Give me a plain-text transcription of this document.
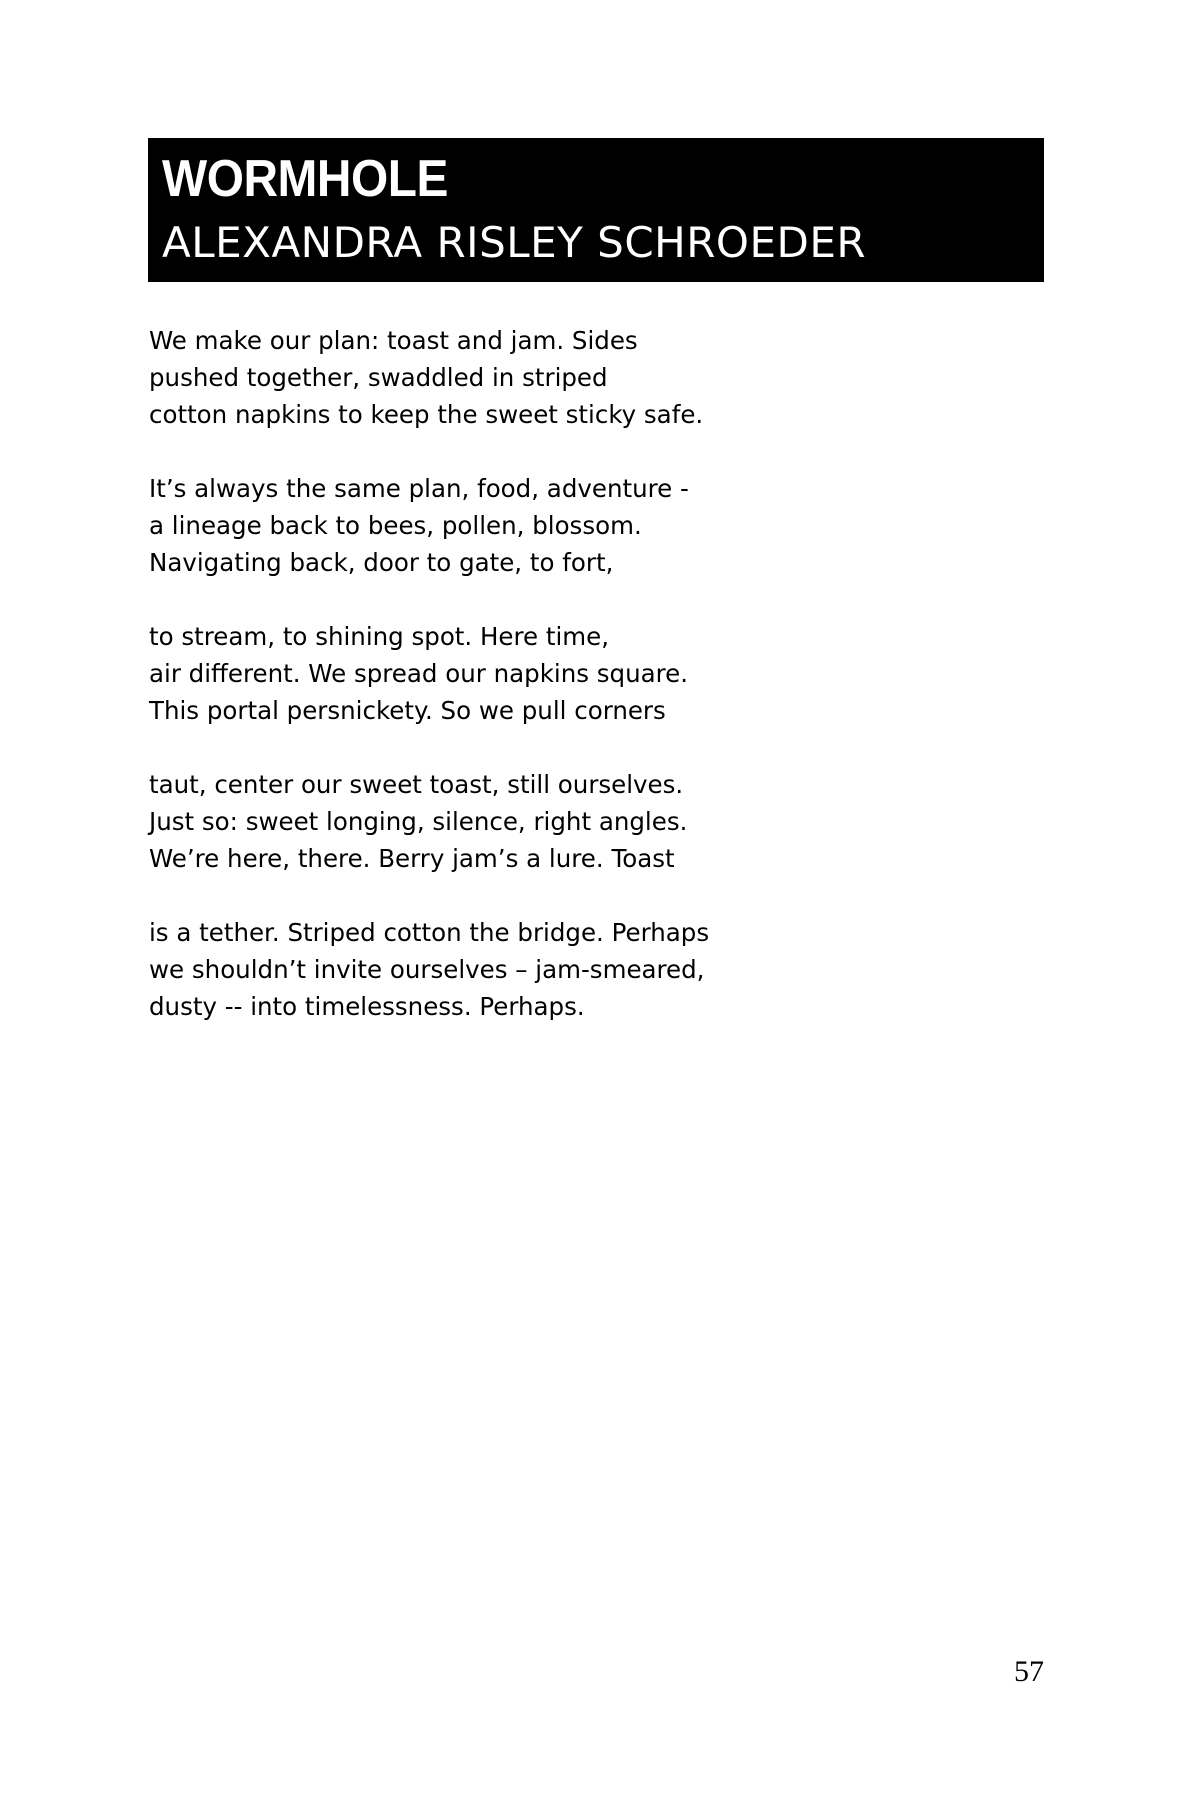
WORMHOLE
ALEXANDRA RISLEY SCHROEDER
We make our plan: toast and jam. Sides
pushed together, swaddled in striped
cotton napkins to keep the sweet sticky safe.
It’s always the same plan, food, adventure -
a lineage back to bees, pollen, blossom.
Navigating back, door to gate, to fort,
to stream, to shining spot. Here time,
air different. We spread our napkins square.
This portal persnickety. So we pull corners
taut, center our sweet toast, still ourselves.
Just so: sweet longing, silence, right angles.
We’re here, there. Berry jam’s a lure. Toast
is a tether. Striped cotton the bridge. Perhaps
we shouldn’t invite ourselves – jam-smeared,
dusty -- into timelessness. Perhaps.
57
